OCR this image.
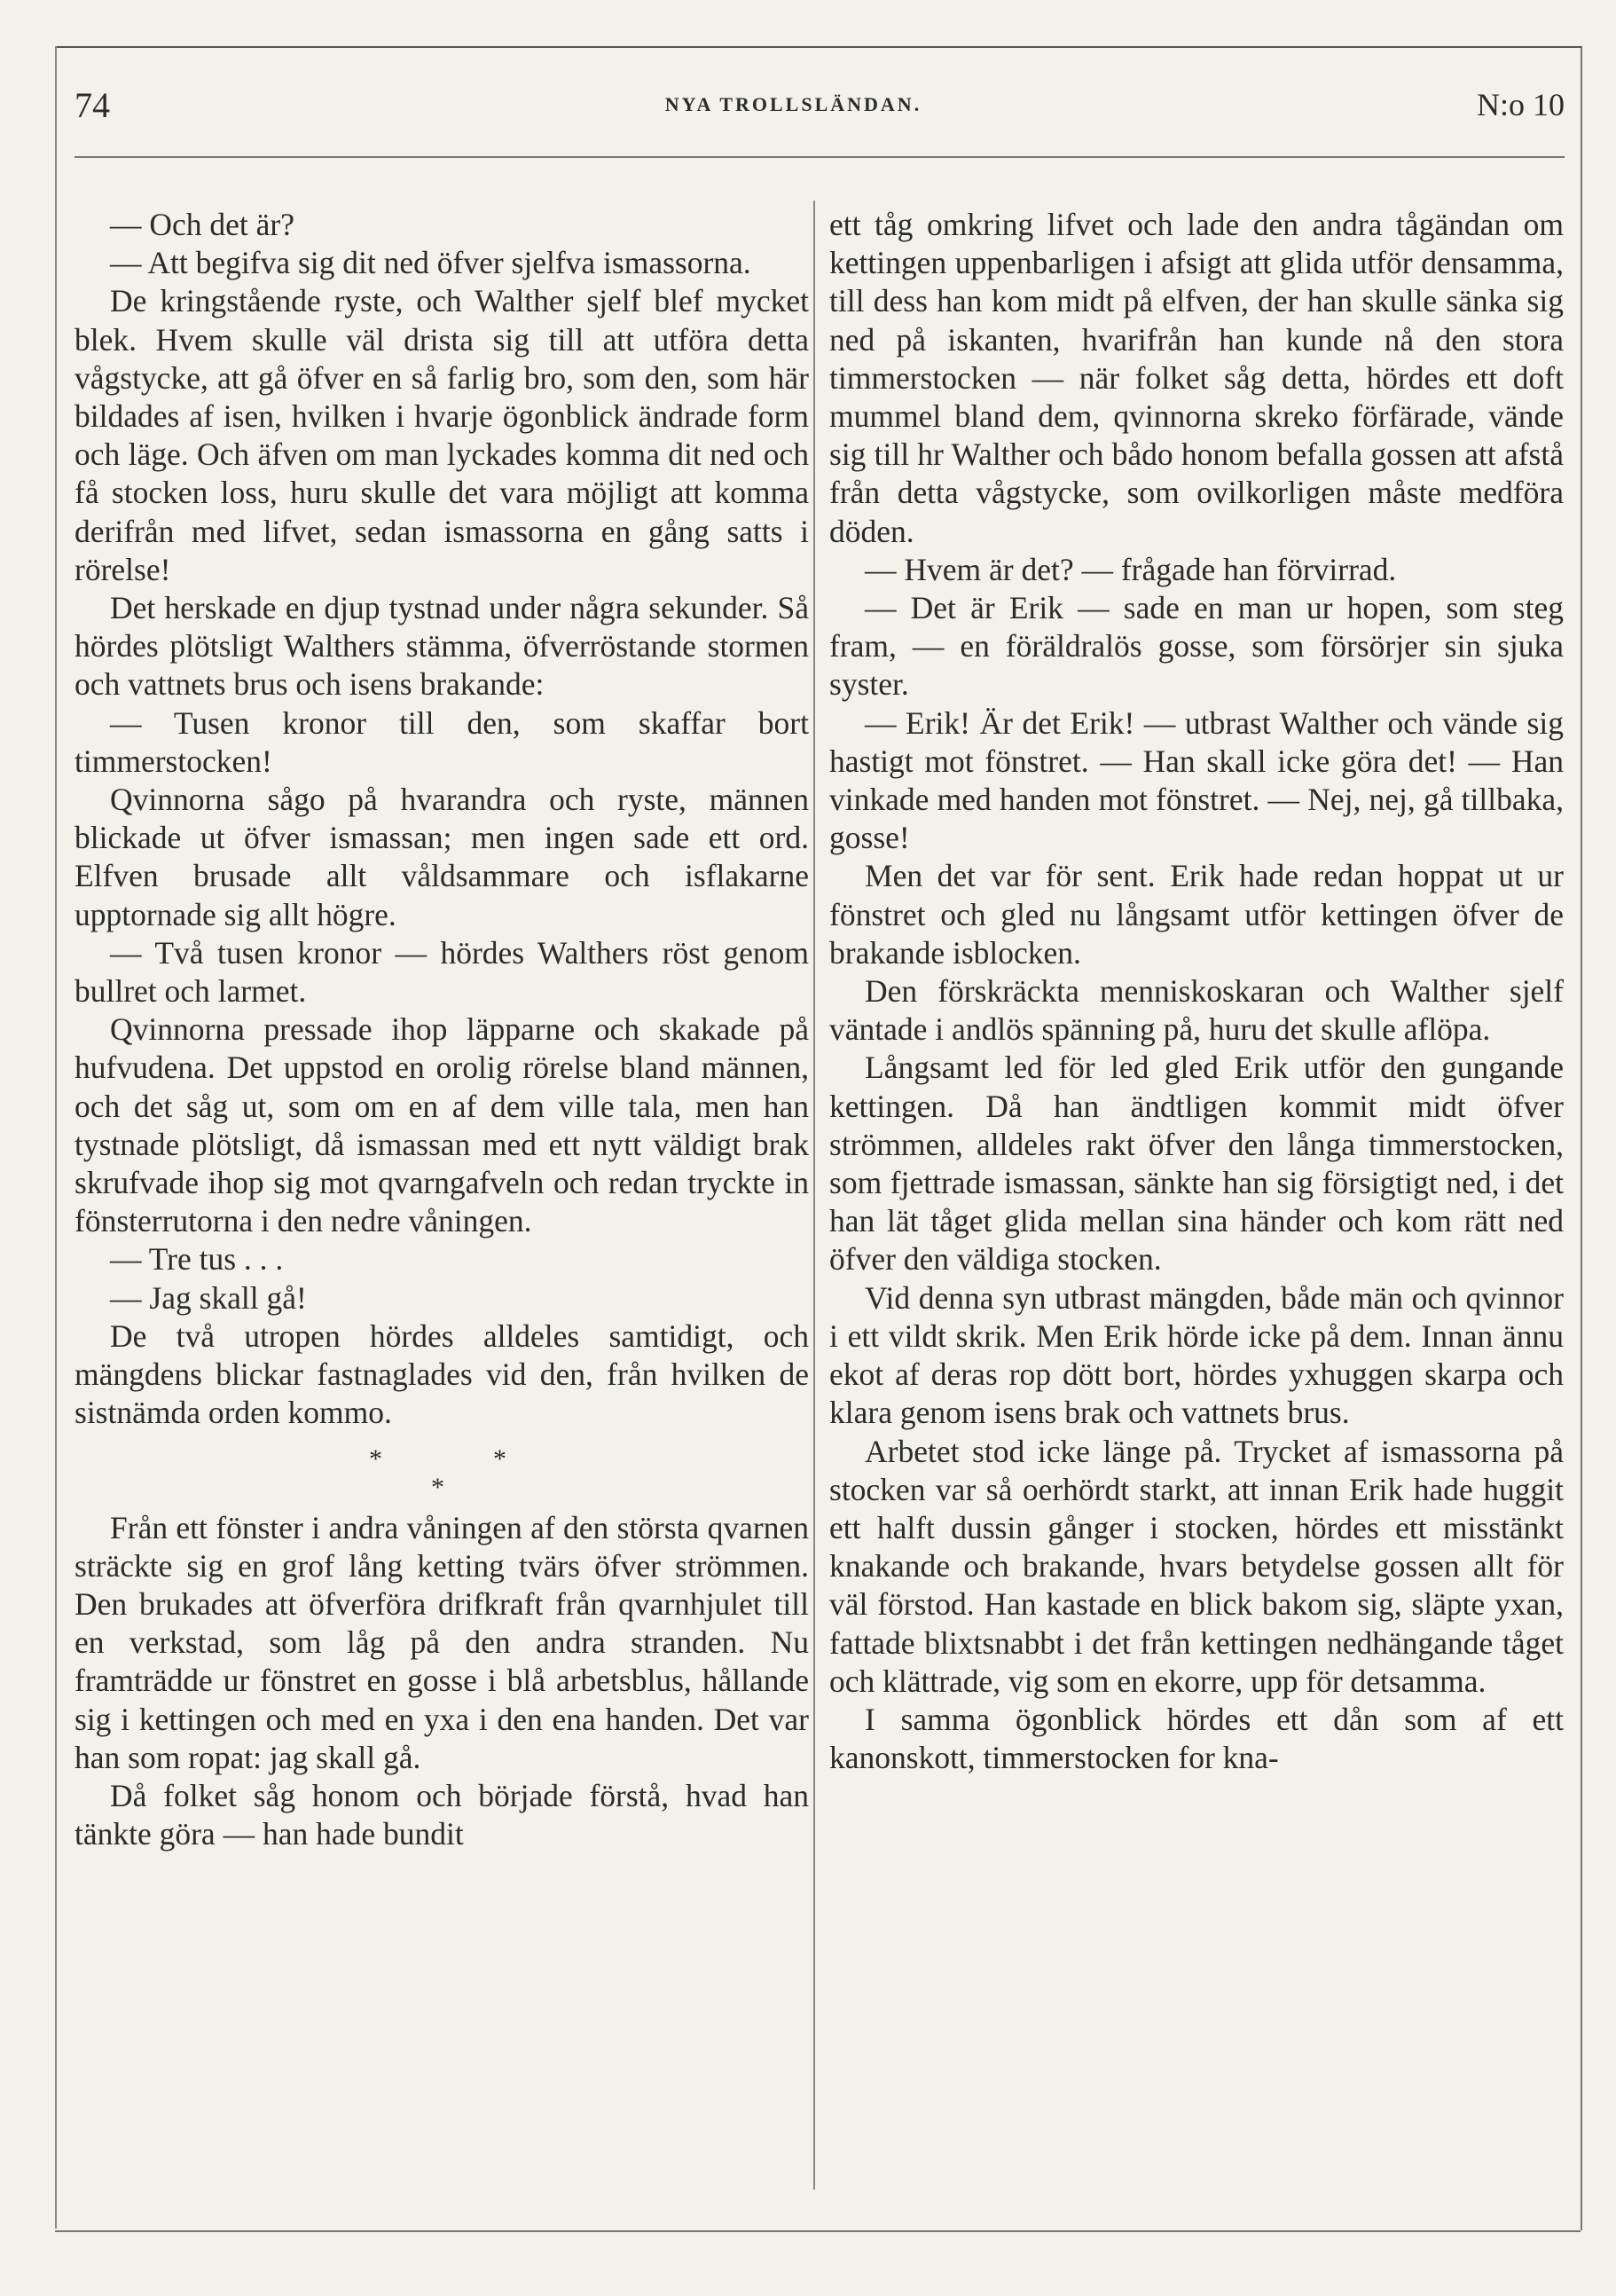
74	NYA TROLLSLÄNDAN.	N:o 10

— Och det är?

— Att begifva sig dit ned öfver sjelfva ismassorna.

De kringstående ryste, och Walther sjelf blef mycket blek. Hvem skulle väl drista sig till att utföra detta vågstycke, att gå öfver en så farlig bro, som den, som här bildades af isen, hvilken i hvarje ögonblick ändrade form och läge. Och äfven om man lyckades komma dit ned och få stocken loss, huru skulle det vara möjligt att komma derifrån med lifvet, sedan ismassorna en gång satts i rörelse!

Det herskade en djup tystnad under några sekunder. Så hördes plötsligt Walthers stämma, öfverröstande stormen och vattnets brus och isens brakande:

— Tusen kronor till den, som skaffar bort timmerstocken!

Qvinnorna sågo på hvarandra och ryste, männen blickade ut öfver ismassan; men ingen sade ett ord. Elfven brusade allt våldsammare och isflakarne upptornade sig allt högre.

— Två tusen kronor — hördes Walthers röst genom bullret och larmet.

Qvinnorna pressade ihop läpparne och skakade på hufvudena. Det uppstod en orolig rörelse bland männen, och det såg ut, som om en af dem ville tala, men han tystnade plötsligt, då ismassan med ett nytt väldigt brak skrufvade ihop sig mot qvarngafveln och redan tryckte in fönsterrutorna i den nedre våningen.

— Tre tus . . .

— Jag skall gå!

De två utropen hördes alldeles samtidigt, och mängdens blickar fastnaglades vid den, från hvilken de sistnämda orden kommo.

*	*
*

Från ett fönster i andra våningen af den största qvarnen sträckte sig en grof lång ketting tvärs öfver strömmen. Den brukades att öfverföra drifkraft från qvarnhjulet till en verkstad, som låg på den andra stranden. Nu framträdde ur fönstret en gosse i blå arbetsblus, hållande sig i kettingen och med en yxa i den ena handen. Det var han som ropat: jag skall gå.

Då folket såg honom och började förstå, hvad han tänkte göra — han hade bundit

ett tåg omkring lifvet och lade den andra tågändan om kettingen uppenbarligen i afsigt att glida utför densamma, till dess han kom midt på elfven, der han skulle sänka sig ned på iskanten, hvarifrån han kunde nå den stora timmerstocken — när folket såg detta, hördes ett doft mummel bland dem, qvinnorna skreko förfärade, vände sig till hr Walther och bådo honom befalla gossen att afstå från detta vågstycke, som ovilkorligen måste medföra döden.

— Hvem är det? — frågade han förvirrad.

— Det är Erik — sade en man ur hopen, som steg fram, — en föräldralös gosse, som försörjer sin sjuka syster.

— Erik! Är det Erik! — utbrast Walther och vände sig hastigt mot fönstret. — Han skall icke göra det! — Han vinkade med handen mot fönstret. — Nej, nej, gå tillbaka, gosse!

Men det var för sent. Erik hade redan hoppat ut ur fönstret och gled nu långsamt utför kettingen öfver de brakande isblocken.

Den förskräckta menniskoskaran och Walther sjelf väntade i andlös spänning på, huru det skulle aflöpa.

Långsamt led för led gled Erik utför den gungande kettingen. Då han ändtligen kommit midt öfver strömmen, alldeles rakt öfver den långa timmerstocken, som fjettrade ismassan, sänkte han sig försigtigt ned, i det han lät tåget glida mellan sina händer och kom rätt ned öfver den väldiga stocken.

Vid denna syn utbrast mängden, både män och qvinnor i ett vildt skrik. Men Erik hörde icke på dem. Innan ännu ekot af deras rop dött bort, hördes yxhuggen skarpa och klara genom isens brak och vattnets brus.

Arbetet stod icke länge på. Trycket af ismassorna på stocken var så oerhördt starkt, att innan Erik hade huggit ett halft dussin gånger i stocken, hördes ett misstänkt knakande och brakande, hvars betydelse gossen allt för väl förstod. Han kastade en blick bakom sig, släpte yxan, fattade blixtsnabbt i det från kettingen nedhängande tåget och klättrade, vig som en ekorre, upp för detsamma.

I samma ögonblick hördes ett dån som af ett kanonskott, timmerstocken for kna-
